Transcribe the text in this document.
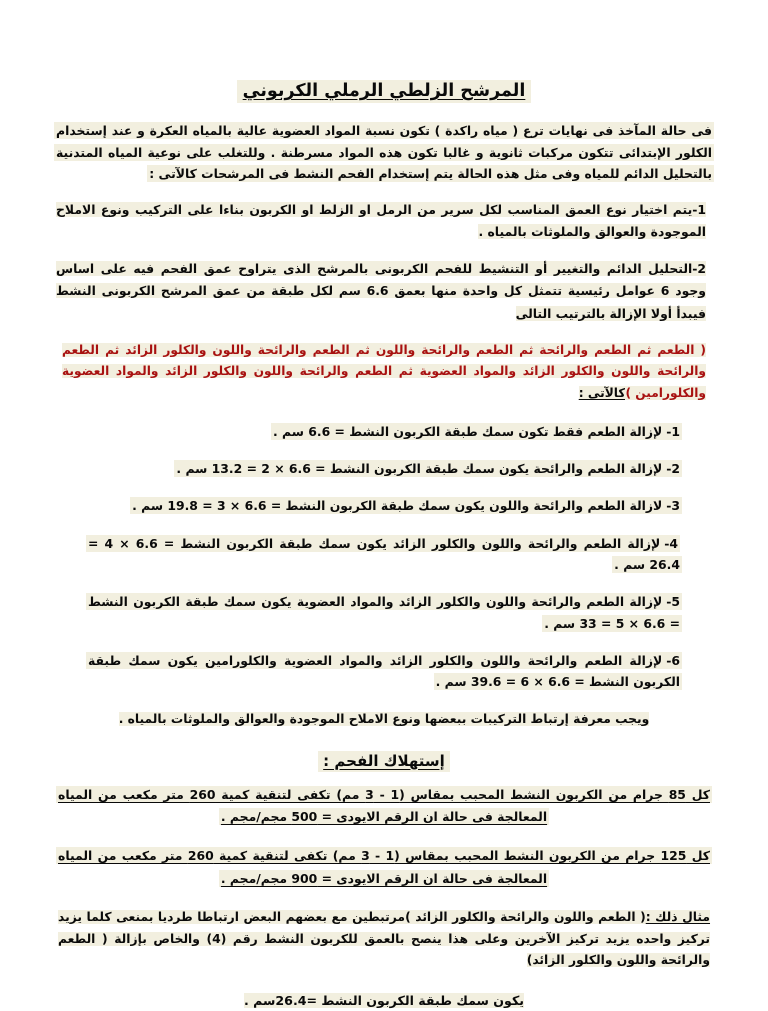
المرشح الزلطي الرملي الكربوني

فى حالة المآخذ فى نهايات ترع ( مياه راكدة ) تكون نسبة المواد العضوية عالية بالمياه العكرة و عند إستخدام الكلور الإبتدائى تتكون مركبات ثانوية و غالبا تكون هذه المواد مسرطنة . وللتغلب على نوعية المياه المتدنية بالتحليل الدائم للمياه وفى مثل هذه الحالة يتم إستخدام الفحم النشط فى المرشحات كالآتى :

1-يتم اختيار نوع العمق المناسب لكل سرير من الرمل او الزلط او الكربون بناءا على التركيب ونوع الاملاح الموجودة والعوالق والملوثات بالمياه .

2-التحليل الدائم والتغيير أو التنشيط للفحم الكربونى بالمرشح الذى يتراوح عمق الفحم فيه على اساس وجود 6 عوامل رئيسية تتمثل كل واحدة منها بعمق 6.6 سم لكل طبقة من عمق المرشح الكربونى النشط فيبدأ أولا الإزالة بالترتيب التالى

( الطعم ثم الطعم والرائحة ثم الطعم والرائحة واللون ثم الطعم والرائحة واللون والكلور الزائد ثم الطعم والرائحة واللون والكلور الزائد والمواد العضوية ثم الطعم والرائحة واللون والكلور الزائد والمواد العضوية والكلورامين )كالآتى :

1-لإزالة الطعم فقط تكون سمك طبقة الكربون النشط = 6.6 سم .
2-لإزالة الطعم والرائحة يكون سمك طبقة الكربون النشط = 6.6 × 2 = 13.2 سم .
3-لازالة الطعم والرائحة واللون يكون سمك طبقة الكربون النشط = 6.6 × 3 = 19.8 سم .
4-لإزالة الطعم والرائحة واللون والكلور الزائد يكون سمك طبقة الكربون النشط = 6.6 × 4 = 26.4 سم .
5-لإزالة الطعم والرائحة واللون والكلور الزائد والمواد العضوية يكون سمك طبقة الكربون النشط = 6.6 × 5 = 33 سم .
6-لإزالة الطعم والرائحة واللون والكلور الزائد والمواد العضوية والكلورامين يكون سمك طبقة الكربون النشط = 6.6 × 6 = 39.6 سم .

ويجب معرفة إرتباط التركيبات ببعضها ونوع الاملاح الموجودة والعوالق والملوثات بالمياه .

إستهلاك الفحم :

كل 85 جرام من الكربون النشط المحبب بمقاس (1 - 3 مم) تكفى لتنقية كمية 260 متر مكعب من المياه المعالجة فى حالة ان الرقم الايودى = 500 مجم/مجم .

كل 125 جرام من الكربون النشط المحبب بمقاس (1 - 3 مم) تكفى لتنقية كمية 260 متر مكعب من المياه المعالجة فى حالة ان الرقم الايودى = 900 مجم/مجم .

مثال ذلك :( الطعم واللون والرائحة والكلور الزائد )مرتبطين مع بعضهم البعض ارتباطا طرديا بمنعى كلما يزيد تركيز واحده يزيد تركيز الآخرين وعلى هذا ينصح بالعمق للكربون النشط رقم (4) والخاص بإزالة ( الطعم والرائحة واللون والكلور الزائد)

يكون سمك طبقة الكربون النشط =26.4سم .
